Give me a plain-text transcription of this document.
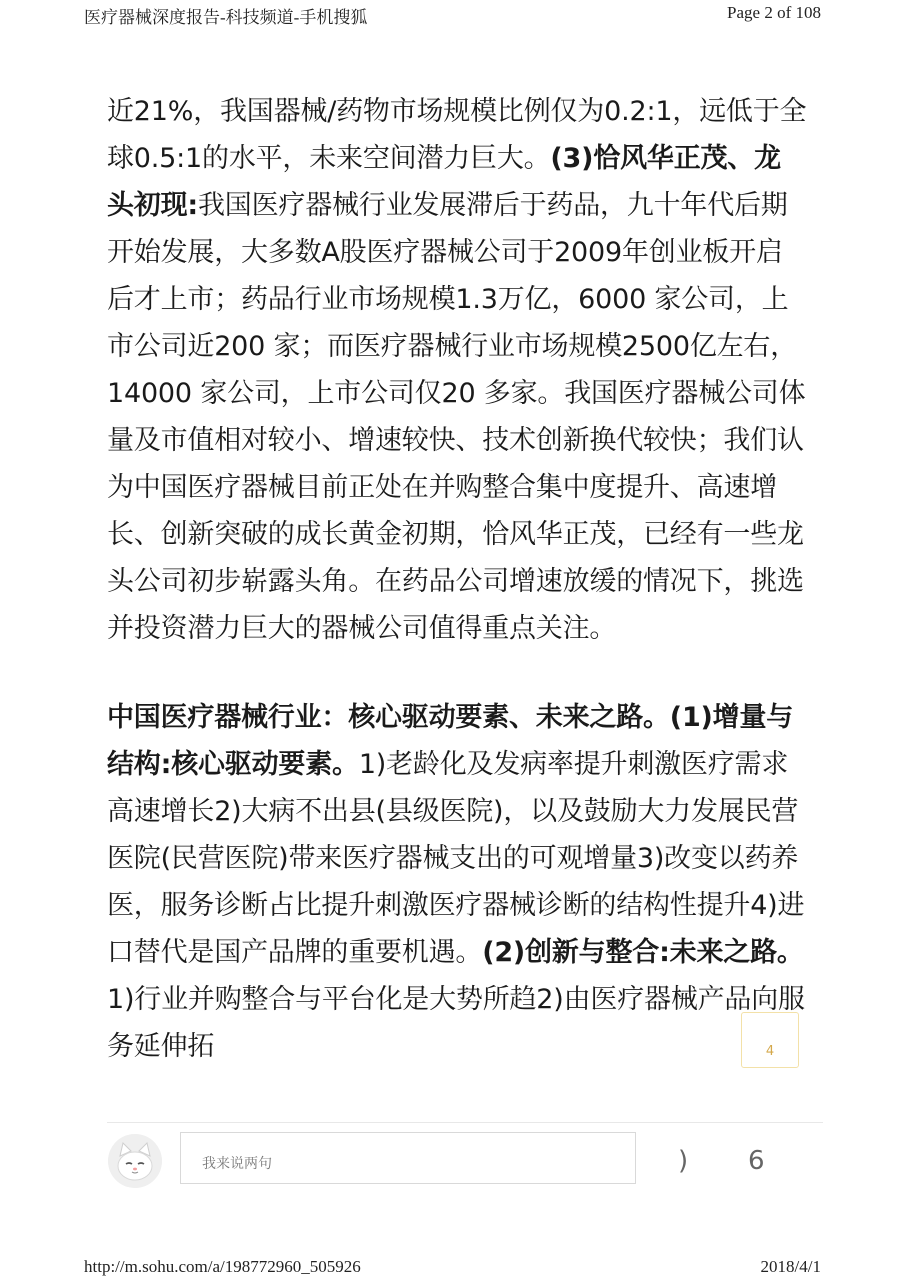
医疗器械深度报告-科技频道-手机搜狐	Page 2 of 108

近21%，我国器械/药物市场规模比例仅为0.2:1，远低于全球0.5:1的水平，未来空间潜力巨大。(3)恰风华正茂、龙头初现:我国医疗器械行业发展滞后于药品，九十年代后期开始发展，大多数A股医疗器械公司于2009年创业板开启后才上市；药品行业市场规模1.3万亿，6000 家公司，上市公司近200 家；而医疗器械行业市场规模2500亿左右，14000 家公司，上市公司仅20 多家。我国医疗器械公司体量及市值相对较小、增速较快、技术创新换代较快；我们认为中国医疗器械目前正处在并购整合集中度提升、高速增长、创新突破的成长黄金初期，恰风华正茂，已经有一些龙头公司初步崭露头角。在药品公司增速放缓的情况下，挑选并投资潜力巨大的器械公司值得重点关注。

中国医疗器械行业：核心驱动要素、未来之路。(1)增量与结构:核心驱动要素。1)老龄化及发病率提升刺激医疗需求高速增长2)大病不出县(县级医院)，以及鼓励大力发展民营医院(民营医院)带来医疗器械支出的可观增量3)改变以药养医，服务诊断占比提升刺激医疗器械诊断的结构性提升4)进口替代是国产品牌的重要机遇。(2)创新与整合:未来之路。1)行业并购整合与平台化是大势所趋2)由医疗器械产品向服务延伸拓	4
我来说两句	) 6
http://m.sohu.com/a/198772960_505926	2018/4/1
